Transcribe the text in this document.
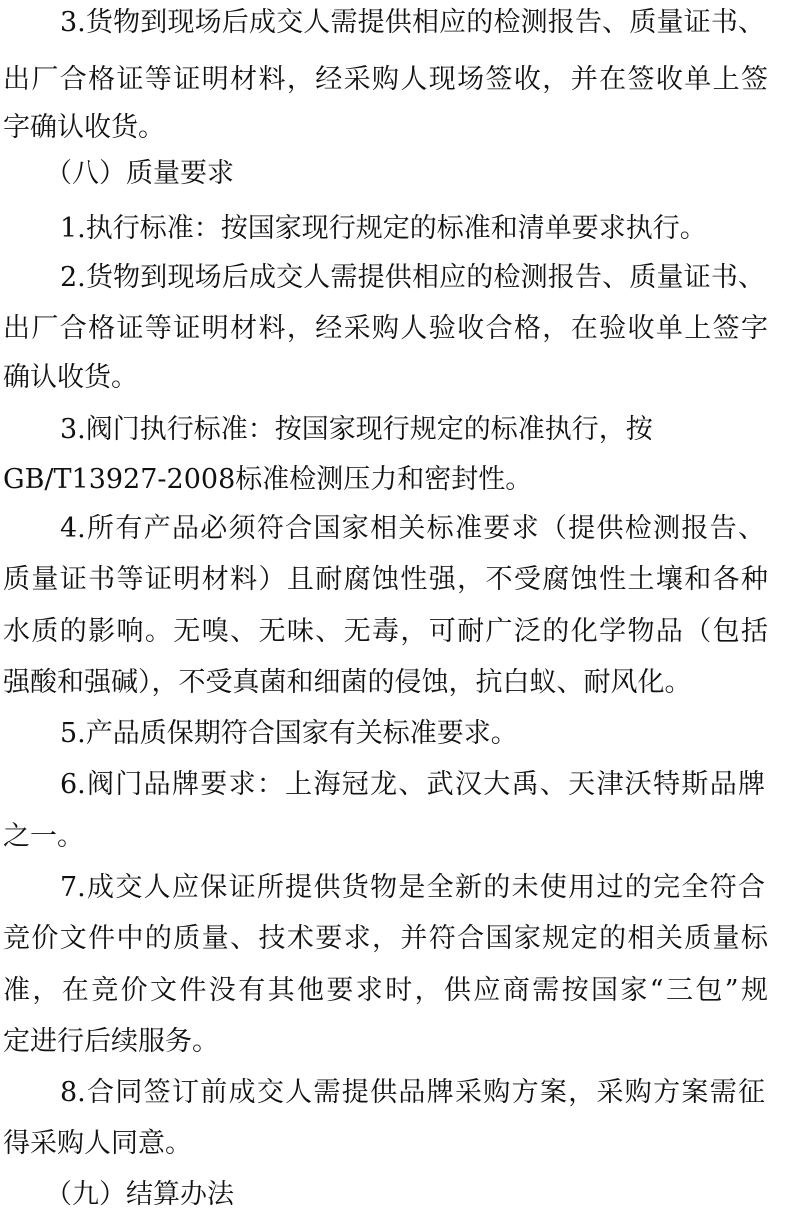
3.货物到现场后成交人需提供相应的检测报告、质量证书、
出厂合格证等证明材料，经采购人现场签收，并在签收单上签
字确认收货。
（八）质量要求
1.执行标准：按国家现行规定的标准和清单要求执行。
2.货物到现场后成交人需提供相应的检测报告、质量证书、
出厂合格证等证明材料，经采购人验收合格，在验收单上签字
确认收货。
3.阀门执行标准：按国家现行规定的标准执行，按
GB/T13927-2008标准检测压力和密封性。
4.所有产品必须符合国家相关标准要求（提供检测报告、
质量证书等证明材料）且耐腐蚀性强，不受腐蚀性土壤和各种
水质的影响。无嗅、无味、无毒，可耐广泛的化学物品（包括
强酸和强碱），不受真菌和细菌的侵蚀，抗白蚁、耐风化。
5.产品质保期符合国家有关标准要求。
6.阀门品牌要求：上海冠龙、武汉大禹、天津沃特斯品牌
之一。
7.成交人应保证所提供货物是全新的未使用过的完全符合
竞价文件中的质量、技术要求，并符合国家规定的相关质量标
准，在竞价文件没有其他要求时，供应商需按国家“三包”规
定进行后续服务。
8.合同签订前成交人需提供品牌采购方案，采购方案需征
得采购人同意。
（九）结算办法
